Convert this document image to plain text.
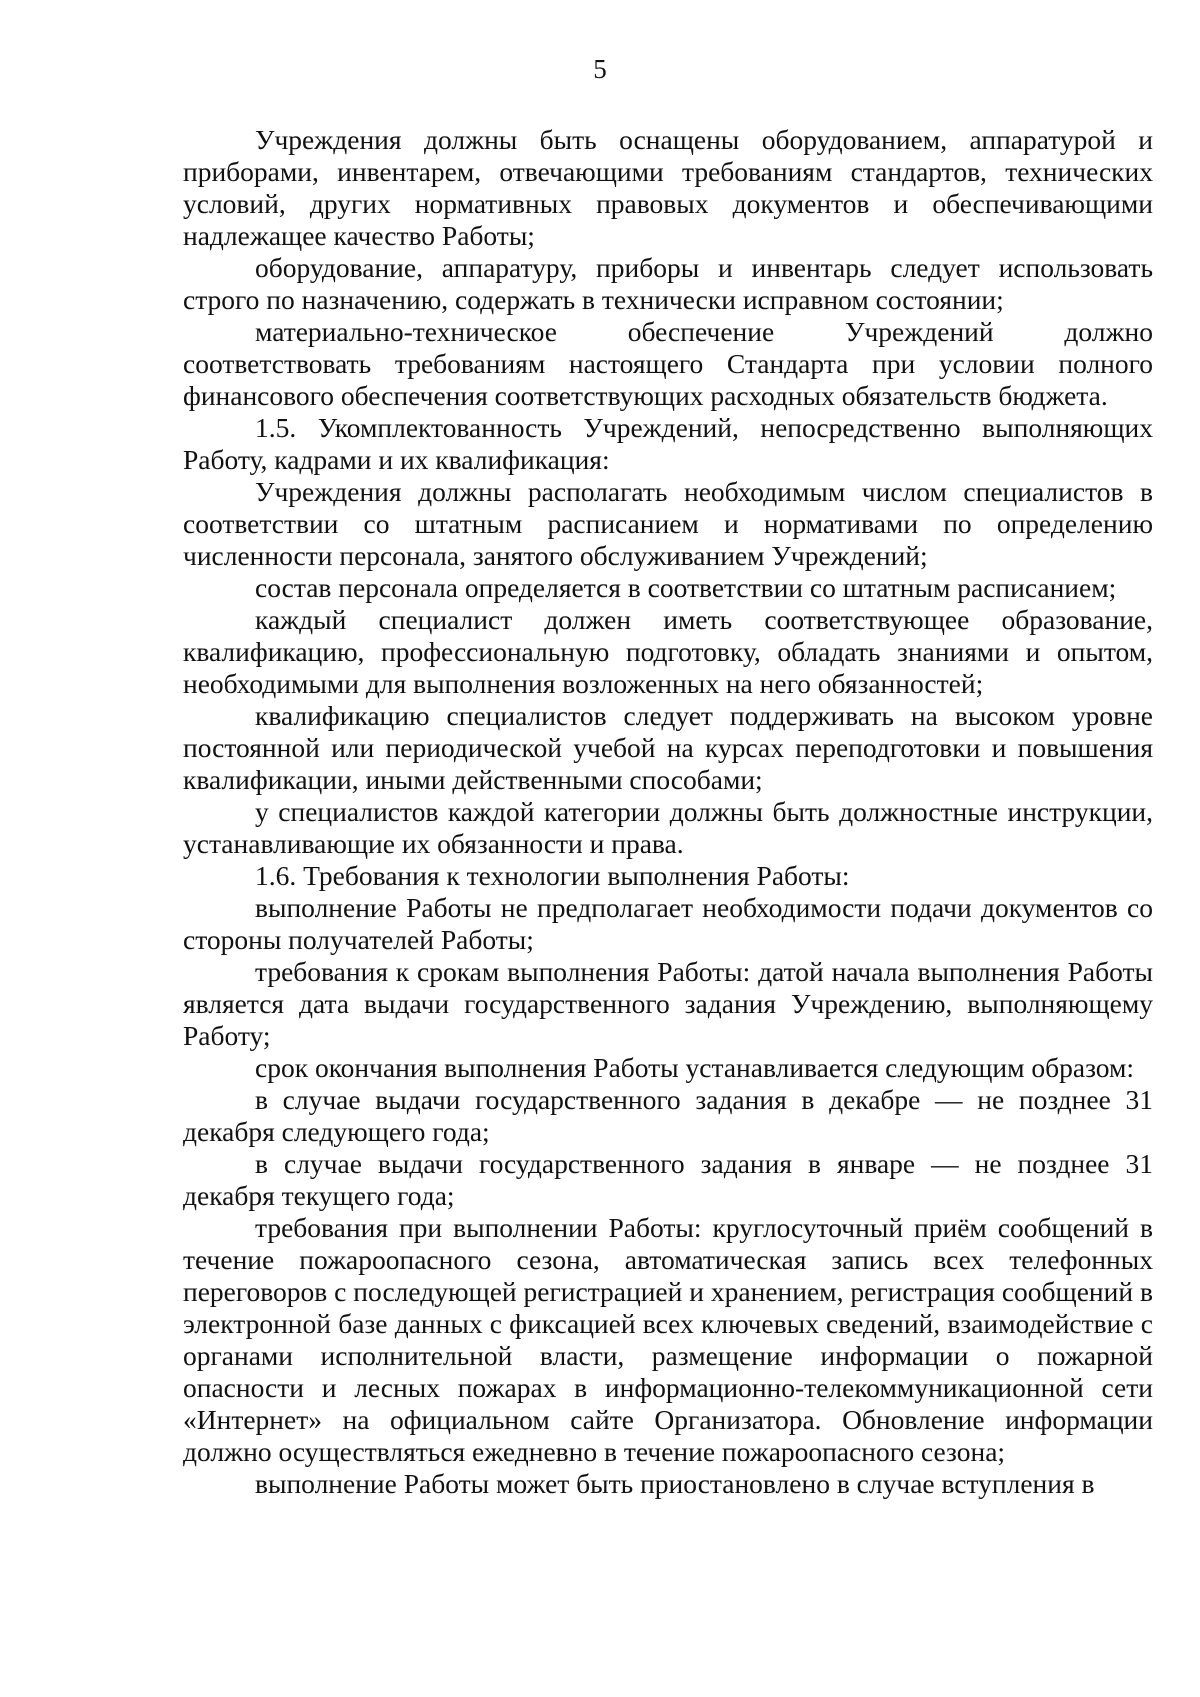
5

Учреждения должны быть оснащены оборудованием, аппаратурой и приборами, инвентарем, отвечающими требованиям стандартов, технических условий, других нормативных правовых документов и обеспечивающими надлежащее качество Работы;

оборудование, аппаратуру, приборы и инвентарь следует использовать строго по назначению, содержать в технически исправном состоянии;

материально-техническое обеспечение Учреждений должно соответствовать требованиям настоящего Стандарта при условии полного финансового обеспечения соответствующих расходных обязательств бюджета.

1.5. Укомплектованность Учреждений, непосредственно выполняющих Работу, кадрами и их квалификация:

Учреждения должны располагать необходимым числом специалистов в соответствии со штатным расписанием и нормативами по определению численности персонала, занятого обслуживанием Учреждений;

состав персонала определяется в соответствии со штатным расписанием;

каждый специалист должен иметь соответствующее образование, квалификацию, профессиональную подготовку, обладать знаниями и опытом, необходимыми для выполнения возложенных на него обязанностей;

квалификацию специалистов следует поддерживать на высоком уровне постоянной или периодической учебой на курсах переподготовки и повышения квалификации, иными действенными способами;

у специалистов каждой категории должны быть должностные инструкции, устанавливающие их обязанности и права.

1.6. Требования к технологии выполнения Работы:

выполнение Работы не предполагает необходимости подачи документов со стороны получателей Работы;

требования к срокам выполнения Работы: датой начала выполнения Работы является дата выдачи государственного задания Учреждению, выполняющему Работу;

срок окончания выполнения Работы устанавливается следующим образом:

в случае выдачи государственного задания в декабре — не позднее 31 декабря следующего года;

в случае выдачи государственного задания в январе — не позднее 31 декабря текущего года;

требования при выполнении Работы: круглосуточный приём сообщений в течение пожароопасного сезона, автоматическая запись всех телефонных переговоров с последующей регистрацией и хранением, регистрация сообщений в электронной базе данных с фиксацией всех ключевых сведений, взаимодействие с органами исполнительной власти, размещение информации о пожарной опасности и лесных пожарах в информационно-телекоммуникационной сети «Интернет» на официальном сайте Организатора. Обновление информации должно осуществляться ежедневно в течение пожароопасного сезона;

выполнение Работы может быть приостановлено в случае вступления в
